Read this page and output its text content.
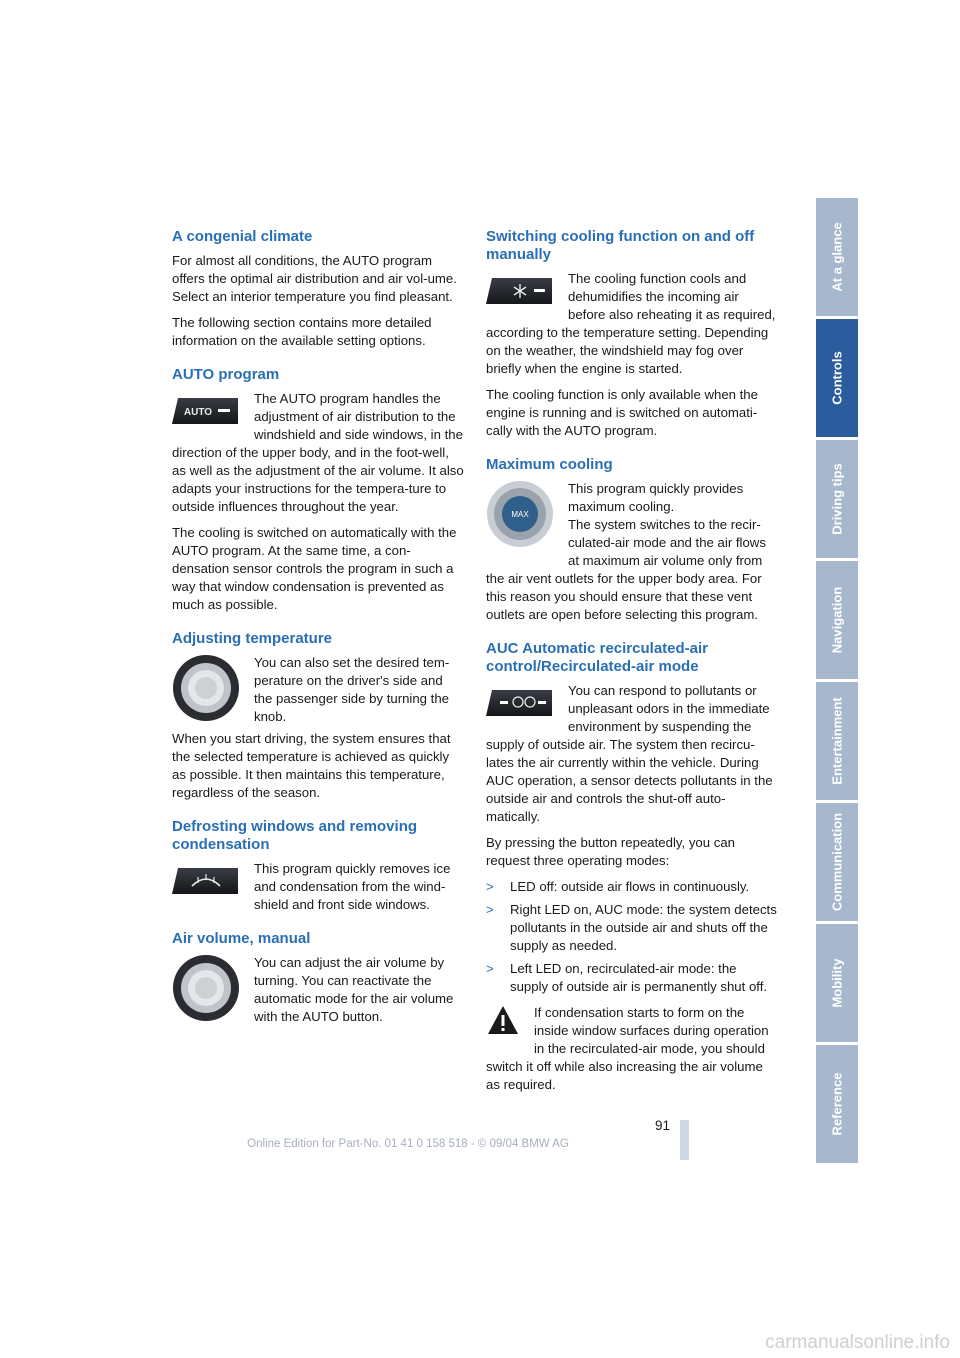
A congenial climate

For almost all conditions, the AUTO program offers the optimal air distribution and air vol-ume. Select an interior temperature you find pleasant.

The following section contains more detailed information on the available setting options.

AUTO program
AUTO

The AUTO program handles the adjustment of air distribution to the windshield and side windows, in the direction of the upper body, and in the foot-well, as well as the adjustment of the air volume. It also adapts your instructions for the tempera-ture to outside influences throughout the year.

The cooling is switched on automatically with the AUTO program. At the same time, a con-densation sensor controls the program in such a way that window condensation is prevented as much as possible.

Adjusting temperature

You can also set the desired tem-perature on the driver's side and the passenger side by turning the knob.

When you start driving, the system ensures that the selected temperature is achieved as quickly as possible. It then maintains this temperature, regardless of the season.

Defrosting windows and removing condensation

This program quickly removes ice and condensation from the wind-shield and front side windows.

Air volume, manual

You can adjust the air volume by turning. You can reactivate the automatic mode for the air volume with the AUTO button.

Switching cooling function on and off manually

The cooling function cools and dehumidifies the incoming air before also reheating it as required, according to the temperature setting. Depending on the weather, the windshield may fog over briefly when the engine is started.

The cooling function is only available when the engine is running and is switched on automati-cally with the AUTO program.

Maximum cooling
MAX

This program quickly provides maximum cooling.

The system switches to the recir-culated-air mode and the air flows at maximum air volume only from the air vent outlets for the upper body area. For this reason you should ensure that these vent outlets are open before selecting this program.

AUC Automatic recirculated-air control/Recirculated-air mode

You can respond to pollutants or unpleasant odors in the immediate environment by suspending the supply of outside air. The system then recircu-lates the air currently within the vehicle. During AUC operation, a sensor detects pollutants in the outside air and controls the shut-off auto-matically.

By pressing the button repeatedly, you can request three operating modes:

> LED off: outside air flows in continuously.
> Right LED on, AUC mode: the system detects pollutants in the outside air and shuts off the supply as needed.
> Left LED on, recirculated-air mode: the supply of outside air is permanently shut off.

If condensation starts to form on the inside window surfaces during operation in the recirculated-air mode, you should switch it off while also increasing the air volume as required.

At a glance
Controls
Driving tips
Navigation
Entertainment
Communication
Mobility
Reference
91
Online Edition for Part-No. 01 41 0 158 518 - © 09/04 BMW AG
carmanualsonline.info
